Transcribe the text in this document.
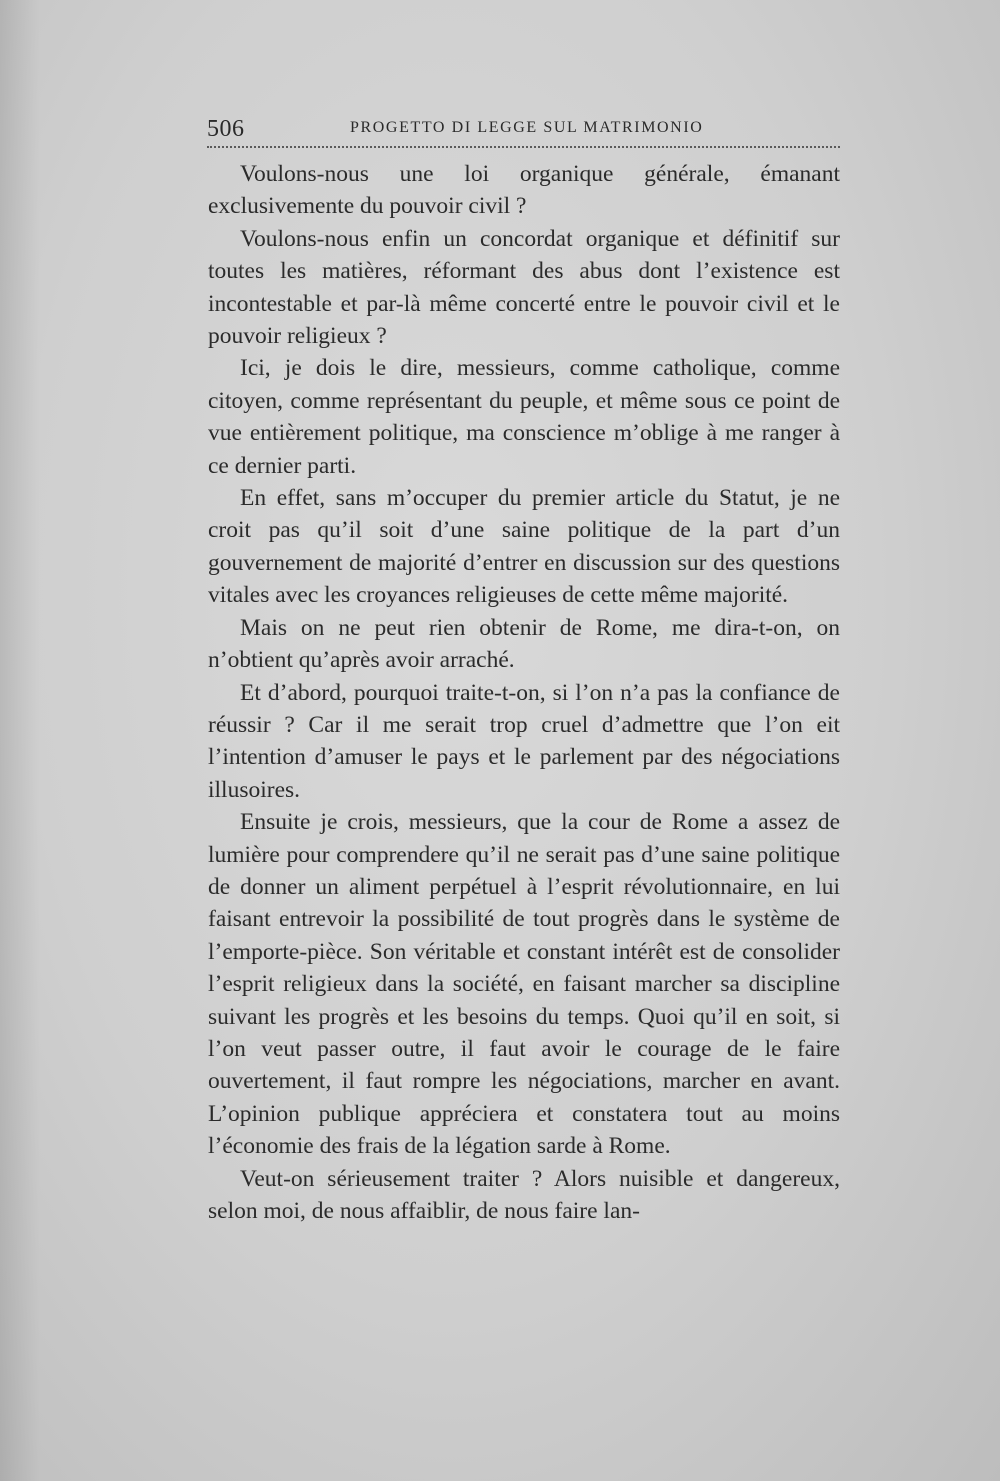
506	PROGETTO DI LEGGE SUL MATRIMONIO

Voulons-nous une loi organique générale, émanant exclusivemente du pouvoir civil ?

Voulons-nous enfin un concordat organique et définitif sur toutes les matières, réformant des abus dont l’existence est incontestable et par-là même concerté entre le pouvoir civil et le pouvoir religieux ?

Ici, je dois le dire, messieurs, comme catholique, comme citoyen, comme représentant du peuple, et même sous ce point de vue entièrement politique, ma conscience m’oblige à me ranger à ce dernier parti.

En effet, sans m’occuper du premier article du Statut, je ne croit pas qu’il soit d’une saine politique de la part d’un gouvernement de majorité d’entrer en discussion sur des questions vitales avec les croyances religieuses de cette même majorité.

Mais on ne peut rien obtenir de Rome, me dira-t-on, on n’obtient qu’après avoir arraché.

Et d’abord, pourquoi traite-t-on, si l’on n’a pas la confiance de réussir ? Car il me serait trop cruel d’admettre que l’on eit l’intention d’amuser le pays et le parlement par des négociations illusoires.

Ensuite je crois, messieurs, que la cour de Rome a assez de lumière pour comprendere qu’il ne serait pas d’une saine politique de donner un aliment perpétuel à l’esprit révolutionnaire, en lui faisant entrevoir la possibilité de tout progrès dans le système de l’emporte-pièce. Son véritable et constant intérêt est de consolider l’esprit religieux dans la société, en faisant marcher sa discipline suivant les progrès et les besoins du temps. Quoi qu’il en soit, si l’on veut passer outre, il faut avoir le courage de le faire ouvertement, il faut rompre les négociations, marcher en avant. L’opinion publique appréciera et constatera tout au moins l’économie des frais de la légation sarde à Rome.

Veut-on sérieusement traiter ? Alors nuisible et dangereux, selon moi, de nous affaiblir, de nous faire lan-
